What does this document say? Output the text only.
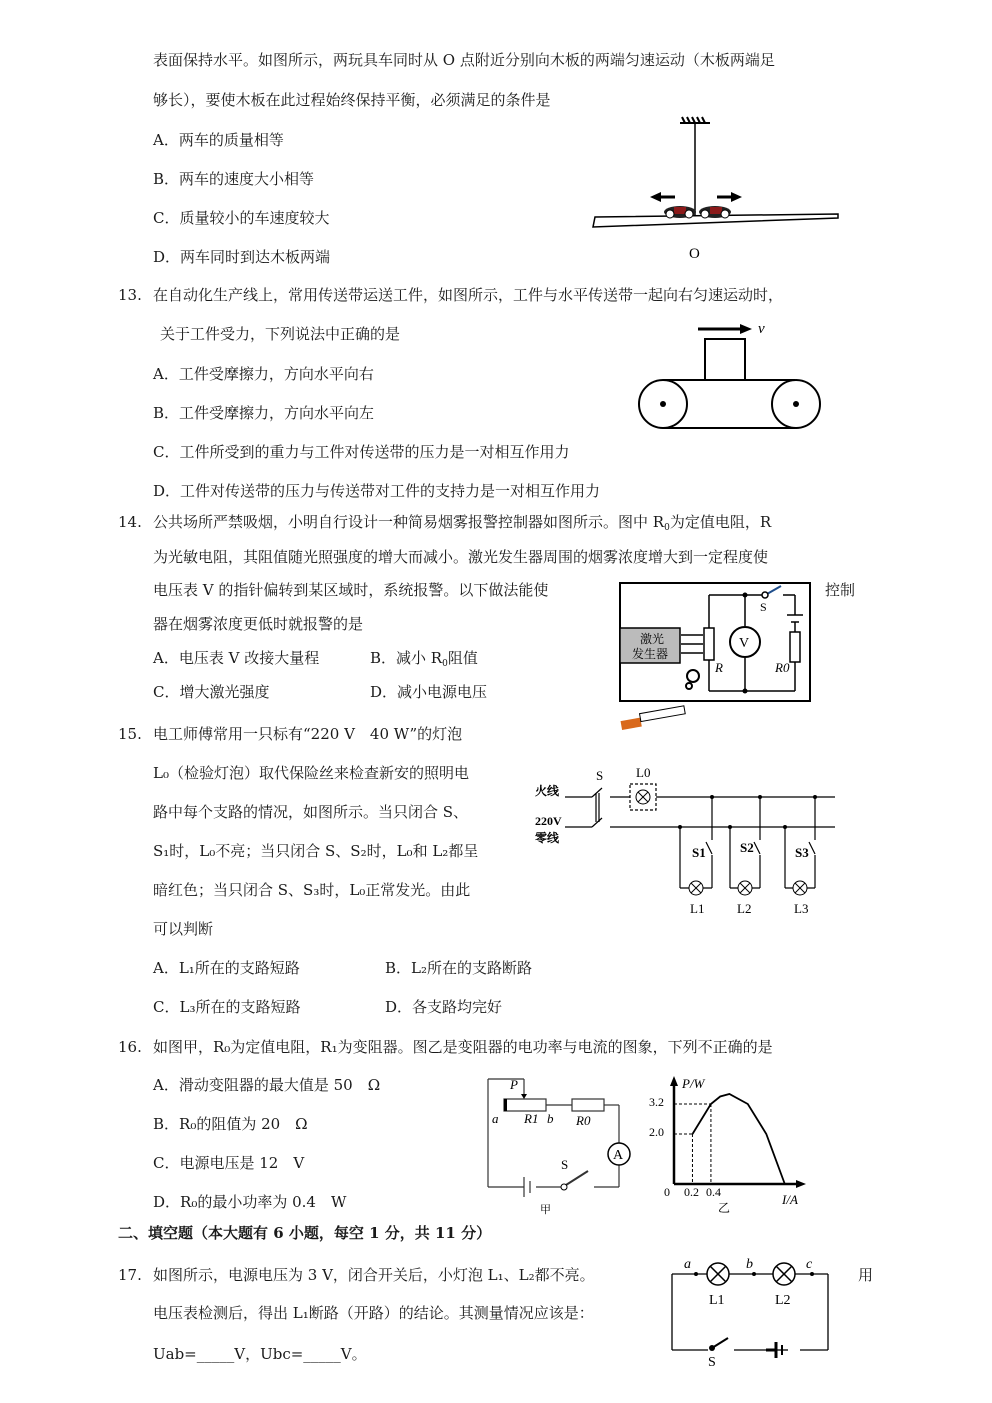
表面保持水平。如图所示，两玩具车同时从 O 点附近分别向木板的两端匀速运动（木板两端足
够长），要使木板在此过程始终保持平衡，必须满足的条件是
A．两车的质量相等
B．两车的速度大小相等
C．质量较小的车速度较大
D．两车同时到达木板两端	O
13. 在自动化生产线上，常用传送带运送工件，如图所示，工件与水平传送带一起向右匀速运动时，
关于工件受力，下列说法中正确的是
A．工件受摩擦力，方向水平向右
B．工件受摩擦力，方向水平向左
C．工件所受到的重力与工件对传送带的压力是一对相互作用力
D．工件对传送带的压力与传送带对工件的支持力是一对相互作用力
v
14. 公共场所严禁吸烟，小明自行设计一种简易烟雾报警控制器如图所示。图中 $R_0$为定值电阻，R
为光敏电阻，其阻值随光照强度的增大而减小。激光发生器周围的烟雾浓度增大到一定程度使
电压表 V 的指针偏转到某区域时，系统报警。以下做法能使	控制
器在烟雾浓度更低时就报警的是
A．电压表 V 改接大量程	B．减小 $R_0$阻值
C．增大激光强度	D．减小电源电压
激光
发生器
V
S
R	R0
15. 电工师傅常用一只标有“220 V　40 W”的灯泡
L₀（检验灯泡）取代保险丝来检查新安的照明电
路中每个支路的情况，如图所示。当只闭合 S、
S₁时，L₀不亮；当只闭合 S、S₂时，L₀和 L₂都呈
暗红色；当只闭合 S、S₃时，L₀正常发光。由此
可以判断
A．L₁所在的支路短路	B．L₂所在的支路断路
C．L₃所在的支路短路	D．各支路均完好
火线
220V
零线
S	L0
S1	S2	S3
L1	L2	L3
16. 如图甲，R₀为定值电阻，R₁为变阻器。图乙是变阻器的电功率与电流的图象，下列不正确的是
A．滑动变阻器的最大值是 50　Ω
B．R₀的阻值为 20　Ω
C．电源电压是 12　V
D．R₀的最小功率为 0.4　W
P
a R1 b R0
A
S
甲
P/W
I/A
0
2.0
3.2
0.2 0.4
乙
二、填空题（本大题有 6 小题，每空 1 分，共 11 分）
17. 如图所示，电源电压为 3 V，闭合开关后，小灯泡 L₁、L₂都不亮。	用
电压表检测后，得出 L₁断路（开路）的结论。其测量情况应该是：
Uab=_____V，Ubc=_____V。
a	b	c
L1	L2
S
